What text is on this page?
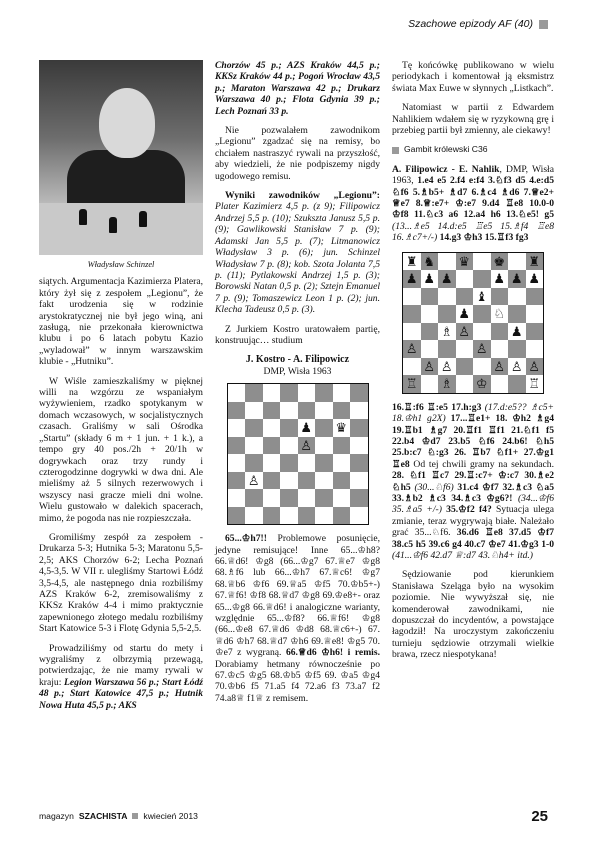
Szachowe epizody AF (40)
Władysław Schinzel

siątych. Argumentacja Kazimierza Platera, który żył się z zespołem „Legionu”, że fakt urodzenia się w rodzinie arystokratycznej nie był jego winą, ani zasługą, nie przekonała kierownictwa klubu i po 6 latach pobytu Kazio „wyladował” w innym warszawskim klubie - „Hutniku”.

W Wiśle zamieszkaliśmy w pięknej willi na wzgórzu ze wspaniałym wyżywieniem, rzadko spotykanym w domach wczasowych, w socjalistycznych czasach. Graliśmy w sali Ośrodka „Startu” (składy 6 m + 1 jun. + 1 k.), a tempo gry 40 pos./2h + 20/1h w dogrywkach oraz trzy rundy i czterogodzinne dogrywki w dwa dni. Ale mieliśmy aż 5 silnych rezerwowych i wszyscy nasi gracze mieli dni wolne. Wielu gustowało w dalekich spacerach, mimo, że pogoda nas nie rozpieszczała.

Gromiliśmy zespół za zespołem - Drukarza 5-3; Hutnika 5-3; Maratonu 5,5-2,5; AKS Chorzów 6-2; Lecha Poznań 4,5-3,5. W VII r. ulegliśmy Startowi Łódź 3,5-4,5, ale następnego dnia rozbiliśmy AZS Kraków 6-2, zremisowaliśmy z KKSz Kraków 4-4 i mimo praktycznie zapewnionego złotego medalu rozbiliśmy Start Katowice 5-3 i Flotę Gdynia 5,5-2,5.

Prowadziliśmy od startu do mety i wygraliśmy z olbrzymią przewagą, potwierdzając, że nie mamy rywali w kraju: Legion Warszawa 56 p.; Start Łódź 48 p.; Start Katowice 47,5 p.; Hutnik Nowa Huta 45,5 p.; AKS

Chorzów 45 p.; AZS Kraków 44,5 p.; KKSz Kraków 44 p.; Pogoń Wrocław 43,5 p.; Maraton Warszawa 42 p.; Drukarz Warszawa 40 p.; Flota Gdynia 39 p.; Lech Poznań 33 p.

Nie pozwalałem zawodnikom „Legionu” zgadzać się na remisy, bo chciałem nastraszyć rywali na przyszłość, aby wiedzieli, że nie podpiszemy nigdy ugodowego remisu.

Wyniki zawodników „Legionu”: Plater Kazimierz 4,5 p. (z 9); Filipowicz Andrzej 5,5 p. (10); Szukszta Janusz 5,5 p. (9); Gawlikowski Stanisław 7 p. (9); Adamski Jan 5,5 p. (7); Litmanowicz Władysław 3 p. (6); jun. Schinzel Władysław 7 p. (8); kob. Szota Jolanta 7,5 p. (11); Pytlakowski Andrzej 1,5 p. (3); Borowski Natan 0,5 p. (2); Sztejn Emanuel 7 p. (9); Tomaszewicz Leon 1 p. (2); jun. Klecha Tadeusz 0,5 p. (3).

Z Jurkiem Kostro uratowałem partię, konstruując… studium

J. Kostro - A. Filipowicz
DMP, Wisła 1963
♟ ♛
♙
♙

65...♔h7!! Problemowe posunięcie, jedyne remisujące! Inne 65...♔h8? 66.♕d6! ♔g8 (66...♔g7 67.♕e7 ♔g8 68.♗f6 lub 66...♔h7 67.♕c6! ♔g7 68.♕b6 ♔f6 69.♕a5 ♔f5 70.♔b5+-) 67.♕f6! ♔f8 68.♕d7 ♔g8 69.♔e8+- oraz 65...♔g8 66.♕d6! i analogiczne warianty, względnie 65...♔f8? 66.♕f6! ♔g8 (66...♔e8 67.♕d6 ♔d8 68.♕c6+-) 67. ♕d6 ♔h7 68.♕d7 ♔h6 69.♕e8! ♔g5 70. ♔e7 z wygraną. 66.♕d6 ♔h6! i remis. Dorabiamy hetmany równocześnie po 67.♔c5 ♔g5 68.♔b5 ♔f5 69. ♔a5 ♔g4 70.♔b6 f5 71.a5 f4 72.a6 f3 73.a7 f2 74.a8♕ f1♕ z remisem.

Tę końcówkę publikowano w wielu periodykach i komentował ją eksmistrz świata Max Euwe w słynnych „Listkach”.

Natomiast w partii z Edwardem Nahlikiem wdałem się w ryzykowną grę i przebieg partii był zmienny, ale ciekawy!

Gambit królewski C36

A. Filipowicz - E. Nahlik, DMP, Wisła 1963, 1.e4 e5 2.f4 e:f4 3.♘f3 d5 4.e:d5 ♘f6 5.♗b5+ ♗d7 6.♗c4 ♗d6 7.♕e2+ ♕e7 8.♕:e7+ ♔:e7 9.d4 ♖e8 10.0-0 ♔f8 11.♘c3 a6 12.a4 h6 13.♘e5! g5 (13...♗e5 14.d:e5 ♖e5 15.♗f4 ♖e8 16.♗c7+/-) 14.g3 ♔h3 15.♖f3 fg3

♜ ♞ ♛ ♚ ♜
♟ ♟ ♟	♟ ♟ ♟
♝
♟ ♘
♗ ♙	♟
♙	♙
♙ ♙	♙ ♙ ♙
♖ ♗ ♔	♖

16.♖:f6 ♖:e5 17.h:g3 (17.d:e5?? ♗c5+ 18.♔h1 g2X) 17...♖e1+ 18. ♔h2 ♗g4 19.♖b1 ♗g7 20.♖f1 ♖f1 21.♘f1 f5 22.b4 ♔d7 23.b5 ♘f6 24.b6! ♘h5 25.b:c7 ♘:g3 26. ♖b7 ♘f1+ 27.♔g1 ♖e8 Od tej chwili gramy na sekundach. 28. ♘f1 ♖c7 29.♖:c7+ ♔:c7 30.♗e2 ♘h5 (30...♘f6) 31.c4 ♔f7 32.♗c3 ♘a5 33.♗b2 ♗c3 34.♗c3 ♔g6?! (34...♔f6 35.♗a5 +/-) 35.♔f2 f4? Sytuacja ulega zmianie, teraz wygrywają białe. Należało grać 35...♘f6. 36.d6 ♖e8 37.d5 ♔f7 38.c5 h5 39.c6 g4 40.c7 ♔e7 41.♔g3 1-0 (41...♔f6 42.d7 ♕:d7 43.♘h4+ itd.)

Sędziowanie pod kierunkiem Stanisława Szeląga było na wysokim poziomie. Nie wywyższał się, nie komenderował zawodnikami, nie dopuszczał do incydentów, a powstające łagodził! Na uroczystym zakończeniu turnieju sędziowie otrzymali wielkie brawa, rzecz niespotykana!

magazyn SZACHISTA kwiecień 2013	25
